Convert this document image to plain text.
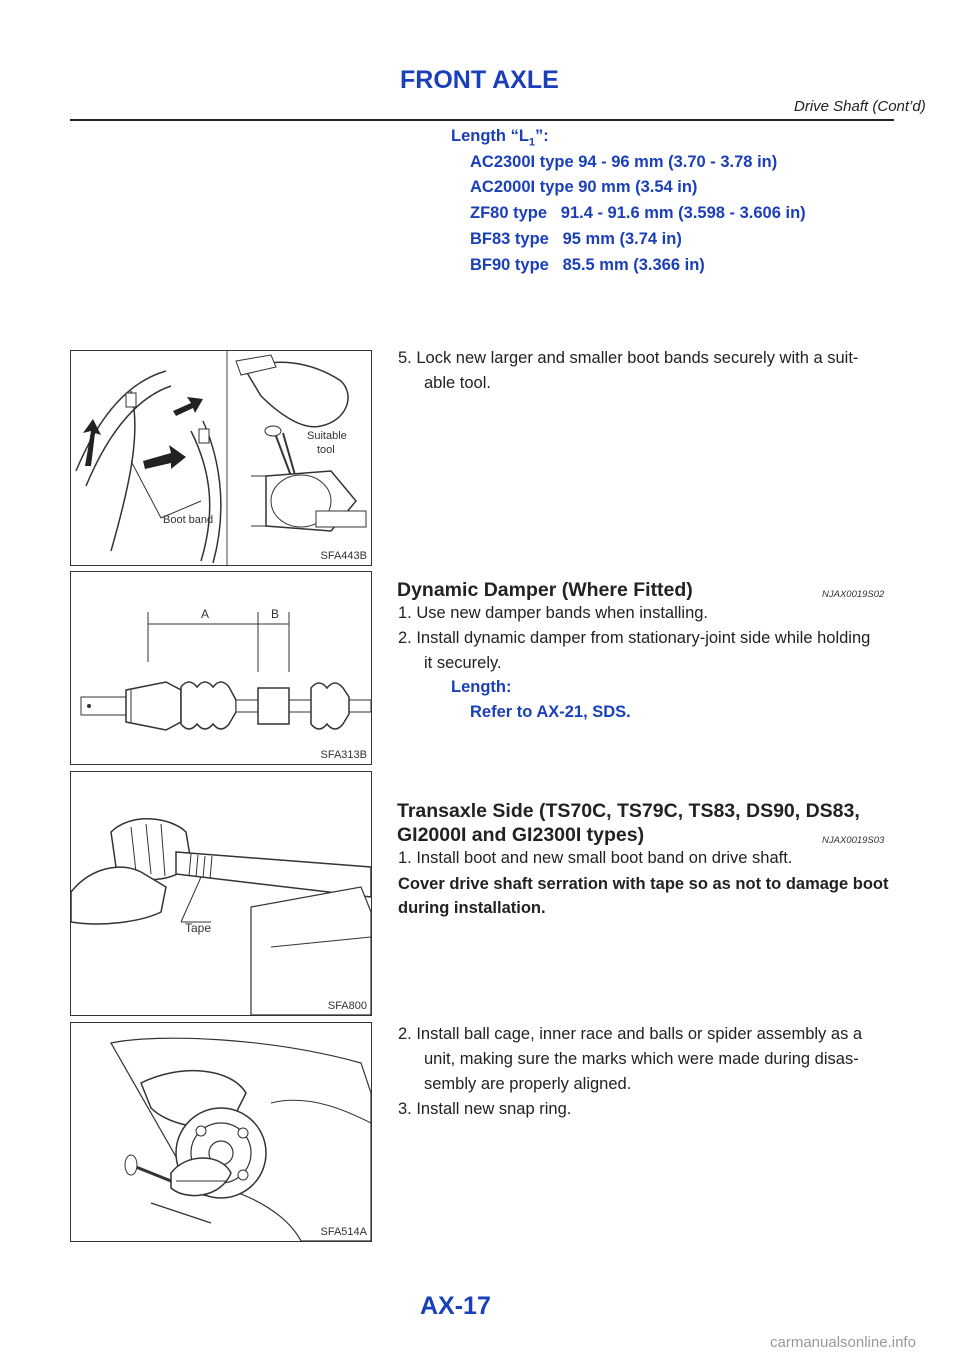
FRONT AXLE
Drive Shaft (Cont’d)
Length “$L_1$”:
AC2300I type 94 - 96 mm (3.70 - 3.78 in)
AC2000I type 90 mm (3.54 in)
ZF80 type   91.4 - 91.6 mm (3.598 - 3.606 in)
BF83 type   95 mm (3.74 in)
BF90 type   85.5 mm (3.366 in)
Boot band
Suitable
tool
SFA443B
5. Lock new larger and smaller boot bands securely with a suit-
able tool.
A	B
SFA313B
Dynamic Damper (Where Fitted)	NJAX0019S02
1. Use new damper bands when installing.
2. Install dynamic damper from stationary-joint side while holding
it securely.
Length:
Refer to AX-21, SDS.
Tape
SFA800
Transaxle Side (TS70C, TS79C, TS83, DS90, DS83,
GI2000I and GI2300I types)	NJAX0019S03
1. Install boot and new small boot band on drive shaft.
Cover drive shaft serration with tape so as not to damage boot
during installation.
SFA514A
2. Install ball cage, inner race and balls or spider assembly as a
unit, making sure the marks which were made during disas-
sembly are properly aligned.
3. Install new snap ring.
AX-17
carmanualsonline.info
